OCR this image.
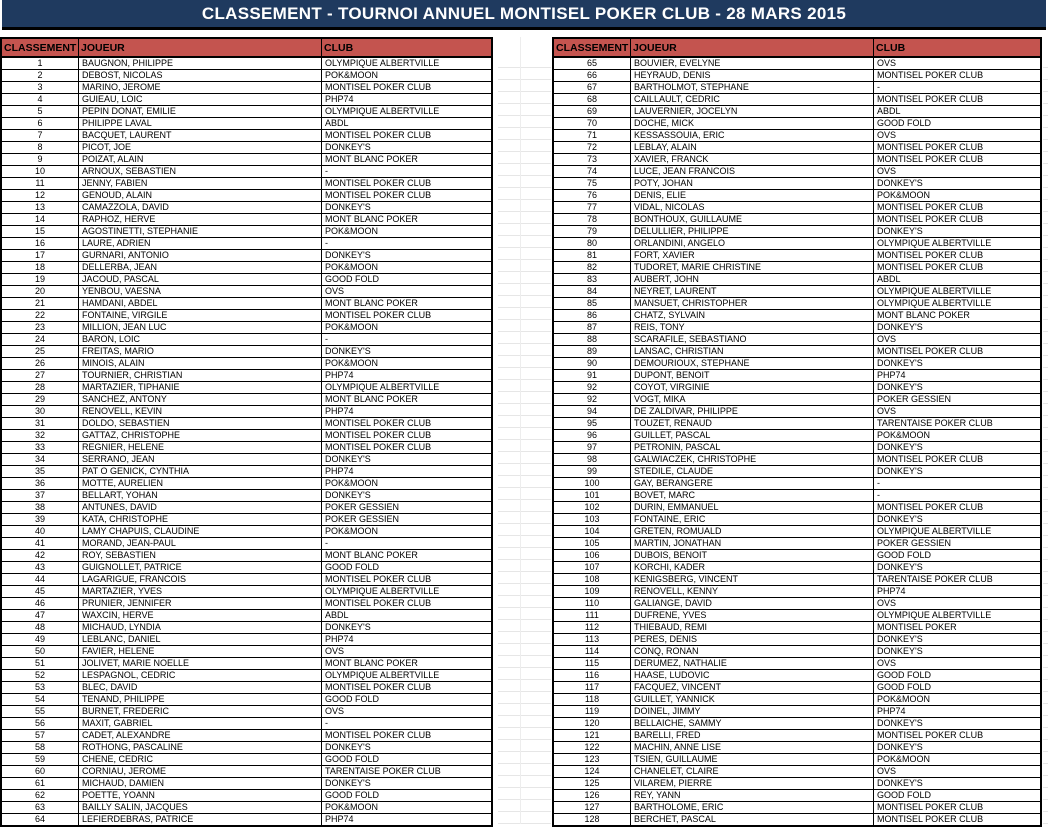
CLASSEMENT - TOURNOI ANNUEL MONTISEL POKER CLUB - 28 MARS 2015
CLASSEMENT	JOUEUR	CLUB
1	BAUGNON, PHILIPPE	OLYMPIQUE ALBERTVILLE
2	DEBOST, NICOLAS	POK&MOON
3	MARINO, JEROME	MONTISEL POKER CLUB
4	GUIEAU, LOIC	PHP74
5	PEPIN DONAT, EMILIE	OLYMPIQUE ALBERTVILLE
6	PHILIPPE LAVAL	ABDL
7	BACQUET, LAURENT	MONTISEL POKER CLUB
8	PICOT, JOE	DONKEY'S
9	POIZAT, ALAIN	MONT BLANC POKER
10	ARNOUX, SEBASTIEN	-
11	JENNY, FABIEN	MONTISEL POKER CLUB
12	GENOUD, ALAIN	MONTISEL POKER CLUB
13	CAMAZZOLA, DAVID	DONKEY'S
14	RAPHOZ, HERVE	MONT BLANC POKER
15	AGOSTINETTI, STEPHANIE	POK&MOON
16	LAURE, ADRIEN	-
17	GURNARI, ANTONIO	DONKEY'S
18	DELLERBA, JEAN	POK&MOON
19	JACOUD, PASCAL	GOOD FOLD
20	YENBOU, VAESNA	OVS
21	HAMDANI, ABDEL	MONT BLANC POKER
22	FONTAINE, VIRGILE	MONTISEL POKER CLUB
23	MILLION, JEAN LUC	POK&MOON
24	BARON, LOIC	-
25	FREITAS, MARIO	DONKEY'S
26	MINOIS, ALAIN	POK&MOON
27	TOURNIER, CHRISTIAN	PHP74
28	MARTAZIER, TIPHANIE	OLYMPIQUE ALBERTVILLE
29	SANCHEZ, ANTONY	MONT BLANC POKER
30	RENOVELL, KEVIN	PHP74
31	DOLDO, SEBASTIEN	MONTISEL POKER CLUB
32	GATTAZ, CHRISTOPHE	MONTISEL POKER CLUB
33	REGNIER, HELENE	MONTISEL POKER CLUB
34	SERRANO, JEAN	DONKEY'S
35	PAT O GENICK, CYNTHIA	PHP74
36	MOTTE, AURELIEN	POK&MOON
37	BELLART, YOHAN	DONKEY'S
38	ANTUNES, DAVID	POKER GESSIEN
39	KATA, CHRISTOPHE	POKER GESSIEN
40	LAMY CHAPUIS, CLAUDINE	POK&MOON
41	MORAND, JEAN-PAUL	-
42	ROY, SEBASTIEN	MONT BLANC POKER
43	GUIGNOLLET, PATRICE	GOOD FOLD
44	LAGARIGUE, FRANCOIS	MONTISEL POKER CLUB
45	MARTAZIER, YVES	OLYMPIQUE ALBERTVILLE
46	PRUNIER, JENNIFER	MONTISEL POKER CLUB
47	WAXCIN, HERVE	ABDL
48	MICHAUD, LYNDIA	DONKEY'S
49	LEBLANC, DANIEL	PHP74
50	FAVIER, HELENE	OVS
51	JOLIVET, MARIE NOELLE	MONT BLANC POKER
52	LESPAGNOL, CEDRIC	OLYMPIQUE ALBERTVILLE
53	BLEC, DAVID	MONTISEL POKER CLUB
54	TENAND, PHILIPPE	GOOD FOLD
55	BURNET, FREDERIC	OVS
56	MAXIT, GABRIEL	-
57	CADET, ALEXANDRE	MONTISEL POKER CLUB
58	ROTHONG, PASCALINE	DONKEY'S
59	CHENE, CEDRIC	GOOD FOLD
60	CORNIAU, JEROME	TARENTAISE POKER CLUB
61	MICHAUD, DAMIEN	DONKEY'S
62	POETTE, YOANN	GOOD FOLD
63	BAILLY SALIN, JACQUES	POK&MOON
64	LEFIERDEBRAS, PATRICE	PHP74
CLASSEMENT	JOUEUR	CLUB
65	BOUVIER, EVELYNE	OVS
66	HEYRAUD, DENIS	MONTISEL POKER CLUB
67	BARTHOLMOT, STEPHANE	-
68	CAILLAULT, CEDRIC	MONTISEL POKER CLUB
69	LAUVERNIER, JOCELYN	ABDL
70	DOCHE, MICK	GOOD FOLD
71	KESSASSOUIA, ERIC	OVS
72	LEBLAY, ALAIN	MONTISEL POKER CLUB
73	XAVIER, FRANCK	MONTISEL POKER CLUB
74	LUCE, JEAN FRANCOIS	OVS
75	POTY, JOHAN	DONKEY'S
76	DENIS, ELIE	POK&MOON
77	VIDAL, NICOLAS	MONTISEL POKER CLUB
78	BONTHOUX, GUILLAUME	MONTISEL POKER CLUB
79	DELULLIER, PHILIPPE	DONKEY'S
80	ORLANDINI, ANGELO	OLYMPIQUE ALBERTVILLE
81	FORT, XAVIER	MONTISEL POKER CLUB
82	TUDORET, MARIE CHRISTINE	MONTISEL POKER CLUB
83	AUBERT, JOHN	ABDL
84	NEYRET, LAURENT	OLYMPIQUE ALBERTVILLE
85	MANSUET, CHRISTOPHER	OLYMPIQUE ALBERTVILLE
86	CHATZ, SYLVAIN	MONT BLANC POKER
87	REIS, TONY	DONKEY'S
88	SCARAFILE, SEBASTIANO	OVS
89	LANSAC, CHRISTIAN	MONTISEL POKER CLUB
90	DEMOURIOUX, STEPHANE	DONKEY'S
91	DUPONT, BENOIT	PHP74
92	COYOT, VIRGINIE	DONKEY'S
92	VOGT, MIKA	POKER GESSIEN
94	DE ZALDIVAR, PHILIPPE	OVS
95	TOUZET, RENAUD	TARENTAISE POKER CLUB
96	GUILLET, PASCAL	POK&MOON
97	PETRONIN, PASCAL	DONKEY'S
98	GALWIACZEK, CHRISTOPHE	MONTISEL POKER CLUB
99	STEDILE, CLAUDE	DONKEY'S
100	GAY, BERANGERE	-
101	BOVET, MARC	-
102	DURIN, EMMANUEL	MONTISEL POKER CLUB
103	FONTAINE, ERIC	DONKEY'S
104	GRETEN, ROMUALD	OLYMPIQUE ALBERTVILLE
105	MARTIN, JONATHAN	POKER GESSIEN
106	DUBOIS, BENOIT	GOOD FOLD
107	KORCHI, KADER	DONKEY'S
108	KENIGSBERG, VINCENT	TARENTAISE POKER CLUB
109	RENOVELL, KENNY	PHP74
110	GALIANGE, DAVID	OVS
111	DUFRENE, YVES	OLYMPIQUE ALBERTVILLE
112	THIEBAUD, REMI	MONTISEL POKER
113	PERES, DENIS	DONKEY'S
114	CONQ, RONAN	DONKEY'S
115	DERUMEZ, NATHALIE	OVS
116	HAASE, LUDOVIC	GOOD FOLD
117	FACQUEZ, VINCENT	GOOD FOLD
118	GUILLET, YANNICK	POK&MOON
119	DOINEL, JIMMY	PHP74
120	BELLAICHE, SAMMY	DONKEY'S
121	BARELLI, FRED	MONTISEL POKER CLUB
122	MACHIN, ANNE LISE	DONKEY'S
123	TSIEN, GUILLAUME	POK&MOON
124	CHANELET, CLAIRE	OVS
125	VILAREM, PIERRE	DONKEY'S
126	REY, YANN	GOOD FOLD
127	BARTHOLOME, ERIC	MONTISEL POKER CLUB
128	BERCHET, PASCAL	MONTISEL POKER CLUB
